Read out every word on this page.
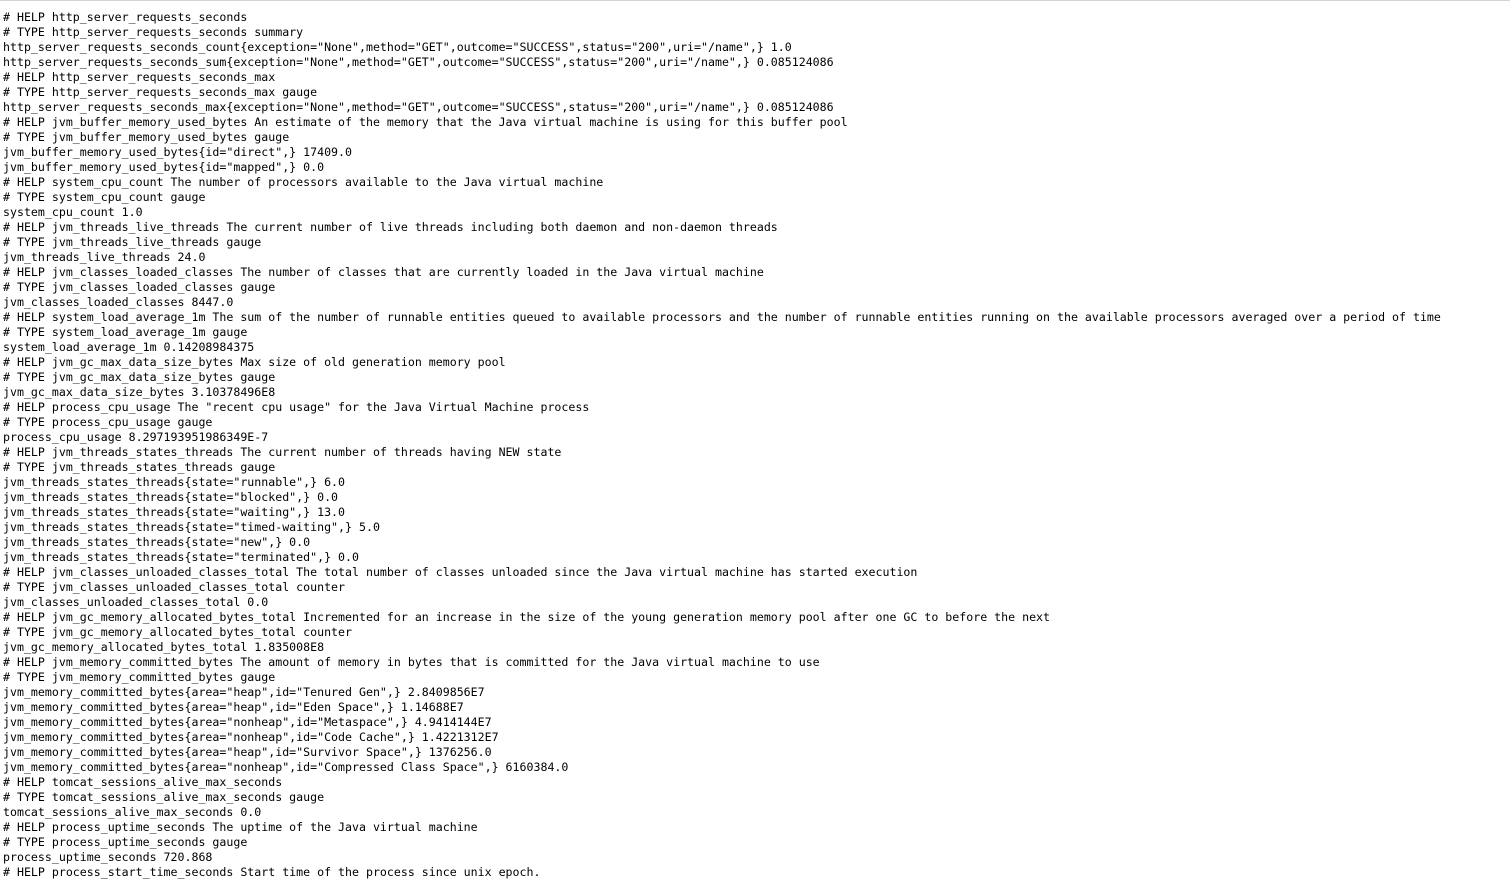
# HELP http_server_requests_seconds
# TYPE http_server_requests_seconds summary
http_server_requests_seconds_count{exception="None",method="GET",outcome="SUCCESS",status="200",uri="/name",} 1.0
http_server_requests_seconds_sum{exception="None",method="GET",outcome="SUCCESS",status="200",uri="/name",} 0.085124086
# HELP http_server_requests_seconds_max
# TYPE http_server_requests_seconds_max gauge
http_server_requests_seconds_max{exception="None",method="GET",outcome="SUCCESS",status="200",uri="/name",} 0.085124086
# HELP jvm_buffer_memory_used_bytes An estimate of the memory that the Java virtual machine is using for this buffer pool
# TYPE jvm_buffer_memory_used_bytes gauge
jvm_buffer_memory_used_bytes{id="direct",} 17409.0
jvm_buffer_memory_used_bytes{id="mapped",} 0.0
# HELP system_cpu_count The number of processors available to the Java virtual machine
# TYPE system_cpu_count gauge
system_cpu_count 1.0
# HELP jvm_threads_live_threads The current number of live threads including both daemon and non-daemon threads
# TYPE jvm_threads_live_threads gauge
jvm_threads_live_threads 24.0
# HELP jvm_classes_loaded_classes The number of classes that are currently loaded in the Java virtual machine
# TYPE jvm_classes_loaded_classes gauge
jvm_classes_loaded_classes 8447.0
# HELP system_load_average_1m The sum of the number of runnable entities queued to available processors and the number of runnable entities running on the available processors averaged over a period of time
# TYPE system_load_average_1m gauge
system_load_average_1m 0.14208984375
# HELP jvm_gc_max_data_size_bytes Max size of old generation memory pool
# TYPE jvm_gc_max_data_size_bytes gauge
jvm_gc_max_data_size_bytes 3.10378496E8
# HELP process_cpu_usage The "recent cpu usage" for the Java Virtual Machine process
# TYPE process_cpu_usage gauge
process_cpu_usage 8.297193951986349E-7
# HELP jvm_threads_states_threads The current number of threads having NEW state
# TYPE jvm_threads_states_threads gauge
jvm_threads_states_threads{state="runnable",} 6.0
jvm_threads_states_threads{state="blocked",} 0.0
jvm_threads_states_threads{state="waiting",} 13.0
jvm_threads_states_threads{state="timed-waiting",} 5.0
jvm_threads_states_threads{state="new",} 0.0
jvm_threads_states_threads{state="terminated",} 0.0
# HELP jvm_classes_unloaded_classes_total The total number of classes unloaded since the Java virtual machine has started execution
# TYPE jvm_classes_unloaded_classes_total counter
jvm_classes_unloaded_classes_total 0.0
# HELP jvm_gc_memory_allocated_bytes_total Incremented for an increase in the size of the young generation memory pool after one GC to before the next
# TYPE jvm_gc_memory_allocated_bytes_total counter
jvm_gc_memory_allocated_bytes_total 1.835008E8
# HELP jvm_memory_committed_bytes The amount of memory in bytes that is committed for the Java virtual machine to use
# TYPE jvm_memory_committed_bytes gauge
jvm_memory_committed_bytes{area="heap",id="Tenured Gen",} 2.8409856E7
jvm_memory_committed_bytes{area="heap",id="Eden Space",} 1.14688E7
jvm_memory_committed_bytes{area="nonheap",id="Metaspace",} 4.9414144E7
jvm_memory_committed_bytes{area="nonheap",id="Code Cache",} 1.4221312E7
jvm_memory_committed_bytes{area="heap",id="Survivor Space",} 1376256.0
jvm_memory_committed_bytes{area="nonheap",id="Compressed Class Space",} 6160384.0
# HELP tomcat_sessions_alive_max_seconds
# TYPE tomcat_sessions_alive_max_seconds gauge
tomcat_sessions_alive_max_seconds 0.0
# HELP process_uptime_seconds The uptime of the Java virtual machine
# TYPE process_uptime_seconds gauge
process_uptime_seconds 720.868
# HELP process_start_time_seconds Start time of the process since unix epoch.
